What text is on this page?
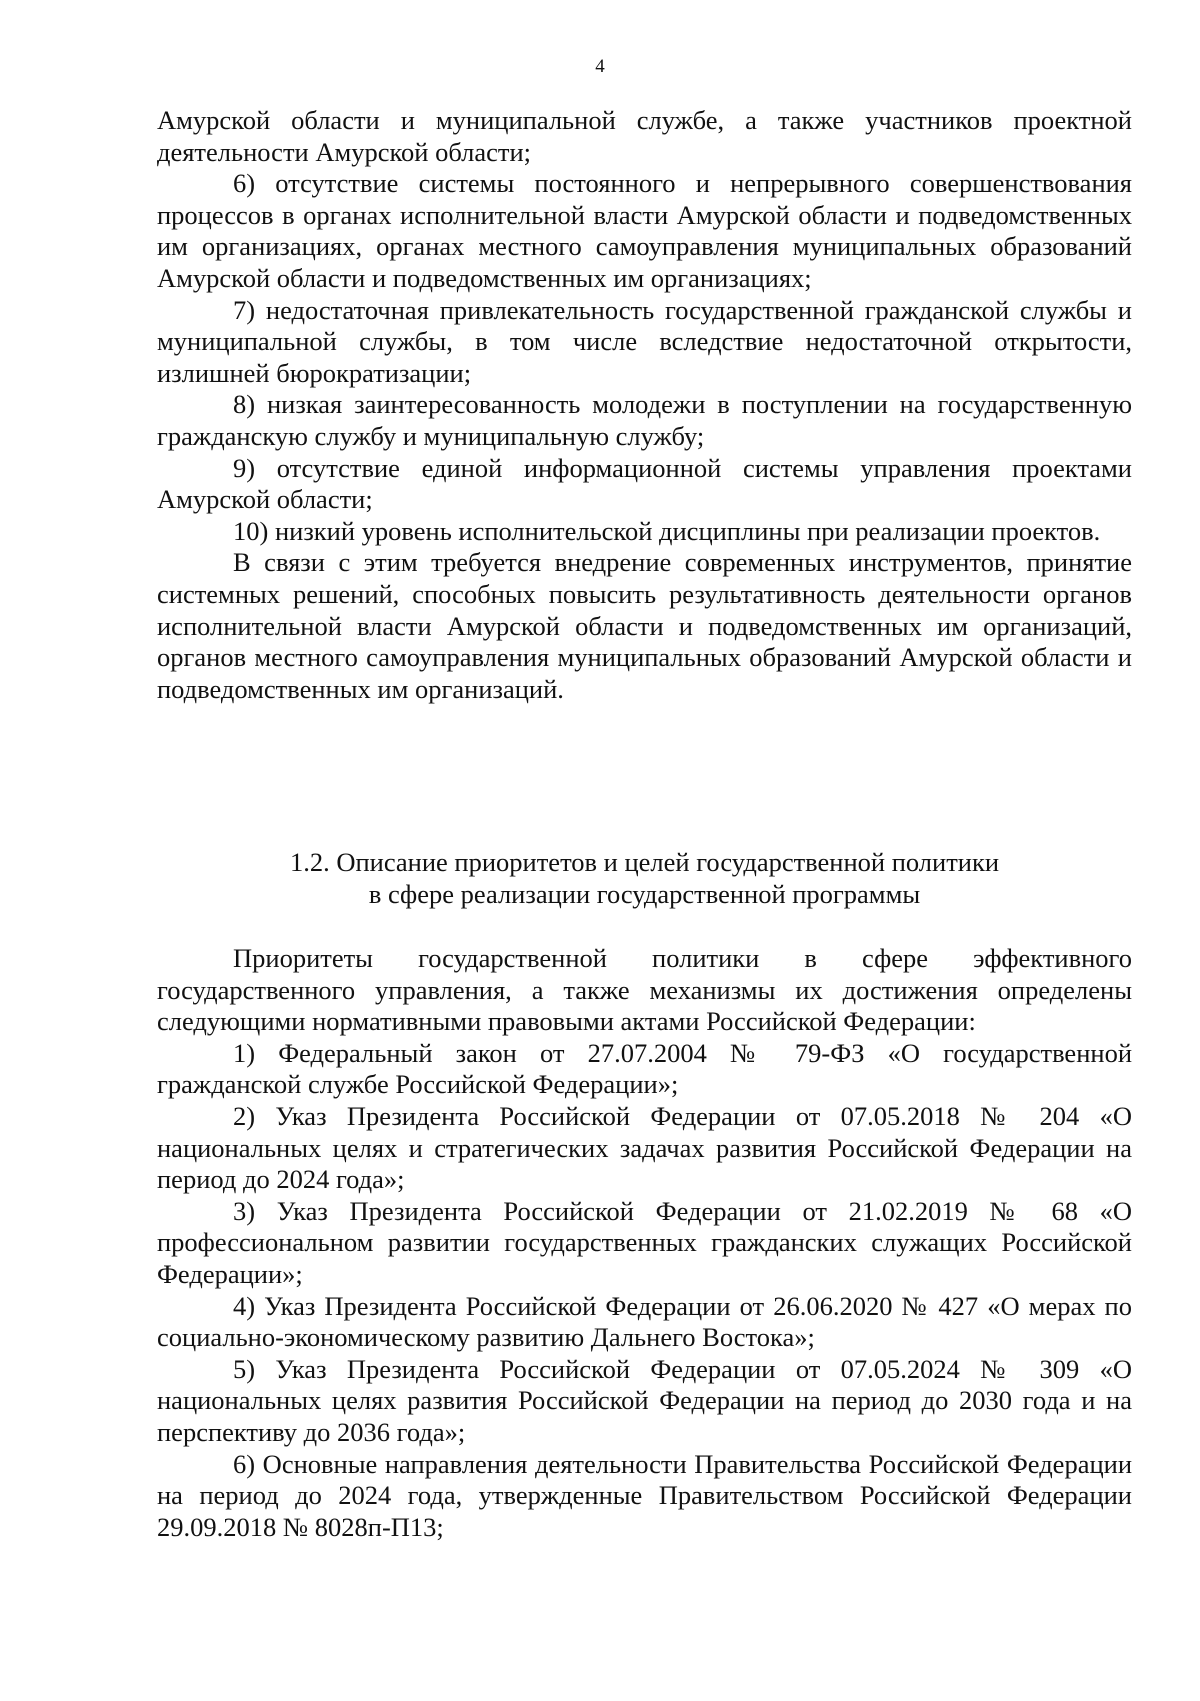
4

Амурской области и муниципальной службе, а также участников проектной деятельности Амурской области;

6) отсутствие системы постоянного и непрерывного совершенствования процессов в органах исполнительной власти Амурской области и подведомственных им организациях, органах местного самоуправления муниципальных образований Амурской области и подведомственных им организациях;

7) недостаточная привлекательность государственной гражданской службы и муниципальной службы, в том числе вследствие недостаточной открытости, излишней бюрократизации;

8) низкая заинтересованность молодежи в поступлении на государственную гражданскую службу и муниципальную службу;

9) отсутствие единой информационной системы управления проектами Амурской области;

10) низкий уровень исполнительской дисциплины при реализации проектов.

В связи с этим требуется внедрение современных инструментов, принятие системных решений, способных повысить результативность деятельности органов исполнительной власти Амурской области и подведомственных им организаций, органов местного самоуправления муниципальных образований Амурской области и подведомственных им организаций.

1.2. Описание приоритетов и целей государственной политики
в сфере реализации государственной программы

Приоритеты государственной политики в сфере эффективного государственного управления, а также механизмы их достижения определены следующими нормативными правовыми актами Российской Федерации:

1) Федеральный закон от 27.07.2004 № 79-ФЗ «О государственной гражданской службе Российской Федерации»;

2) Указ Президента Российской Федерации от 07.05.2018 № 204 «О национальных целях и стратегических задачах развития Российской Федерации на период до 2024 года»;

3) Указ Президента Российской Федерации от 21.02.2019 № 68 «О профессиональном развитии государственных гражданских служащих Российской Федерации»;

4) Указ Президента Российской Федерации от 26.06.2020 № 427 «О мерах по социально-экономическому развитию Дальнего Востока»;

5) Указ Президента Российской Федерации от 07.05.2024 № 309 «О национальных целях развития Российской Федерации на период до 2030 года и на перспективу до 2036 года»;

6) Основные направления деятельности Правительства Российской Федерации на период до 2024 года, утвержденные Правительством Российской Федерации 29.09.2018 № 8028п-П13;
